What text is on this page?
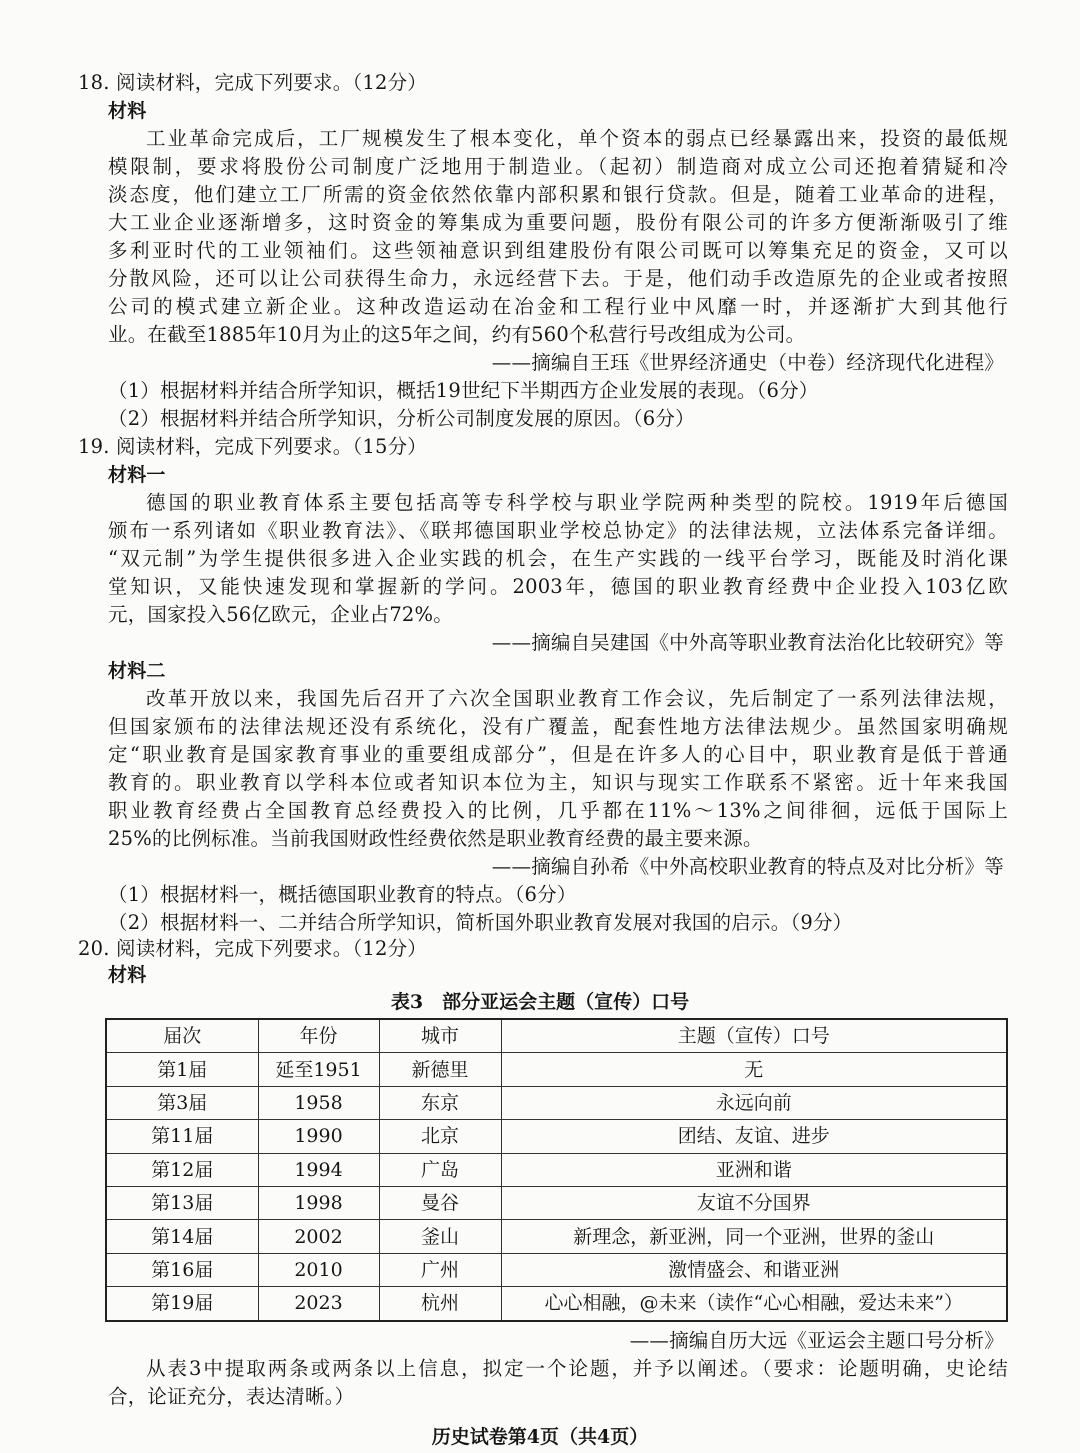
18. 阅读材料，完成下列要求。（12分）
材料
工业革命完成后，工厂规模发生了根本变化，单个资本的弱点已经暴露出来，投资的最低规
模限制，要求将股份公司制度广泛地用于制造业。（起初）制造商对成立公司还抱着猜疑和冷
淡态度，他们建立工厂所需的资金依然依靠内部积累和银行贷款。但是，随着工业革命的进程，
大工业企业逐渐增多，这时资金的筹集成为重要问题，股份有限公司的许多方便渐渐吸引了维
多利亚时代的工业领袖们。这些领袖意识到组建股份有限公司既可以筹集充足的资金，又可以
分散风险，还可以让公司获得生命力，永远经营下去。于是，他们动手改造原先的企业或者按照
公司的模式建立新企业。这种改造运动在冶金和工程行业中风靡一时，并逐渐扩大到其他行
业。在截至1885年10月为止的这5年之间，约有560个私营行号改组成为公司。
——摘编自王珏《世界经济通史（中卷）经济现代化进程》
（1）根据材料并结合所学知识，概括19世纪下半期西方企业发展的表现。（6分）
（2）根据材料并结合所学知识，分析公司制度发展的原因。（6分）
19. 阅读材料，完成下列要求。（15分）
材料一
德国的职业教育体系主要包括高等专科学校与职业学院两种类型的院校。1919年后德国
颁布一系列诸如《职业教育法》、《联邦德国职业学校总协定》的法律法规，立法体系完备详细。
“双元制”为学生提供很多进入企业实践的机会，在生产实践的一线平台学习，既能及时消化课
堂知识，又能快速发现和掌握新的学问。2003年，德国的职业教育经费中企业投入103亿欧
元，国家投入56亿欧元，企业占72%。
——摘编自吴建国《中外高等职业教育法治化比较研究》等
材料二
改革开放以来，我国先后召开了六次全国职业教育工作会议，先后制定了一系列法律法规，
但国家颁布的法律法规还没有系统化，没有广覆盖，配套性地方法律法规少。虽然国家明确规
定“职业教育是国家教育事业的重要组成部分”，但是在许多人的心目中，职业教育是低于普通
教育的。职业教育以学科本位或者知识本位为主，知识与现实工作联系不紧密。近十年来我国
职业教育经费占全国教育总经费投入的比例，几乎都在11%～13%之间徘徊，远低于国际上
25%的比例标准。当前我国财政性经费依然是职业教育经费的最主要来源。
——摘编自孙希《中外高校职业教育的特点及对比分析》等
（1）根据材料一，概括德国职业教育的特点。（6分）
（2）根据材料一、二并结合所学知识，简析国外职业教育发展对我国的启示。（9分）
20. 阅读材料，完成下列要求。（12分）
材料
表3　部分亚运会主题（宣传）口号
届次	年份	城市	主题（宣传）口号
第1届	延至1951	新德里	无
第3届	1958	东京	永远向前
第11届	1990	北京	团结、友谊、进步
第12届	1994	广岛	亚洲和谐
第13届	1998	曼谷	友谊不分国界
第14届	2002	釜山	新理念，新亚洲，同一个亚洲，世界的釜山
第16届	2010	广州	激情盛会、和谐亚洲
第19届	2023	杭州	心心相融，@未来（读作“心心相融，爱达未来”）
——摘编自历大远《亚运会主题口号分析》
从表3中提取两条或两条以上信息，拟定一个论题，并予以阐述。（要求：论题明确，史论结
合，论证充分，表达清晰。）
历史试卷第4页（共4页）
